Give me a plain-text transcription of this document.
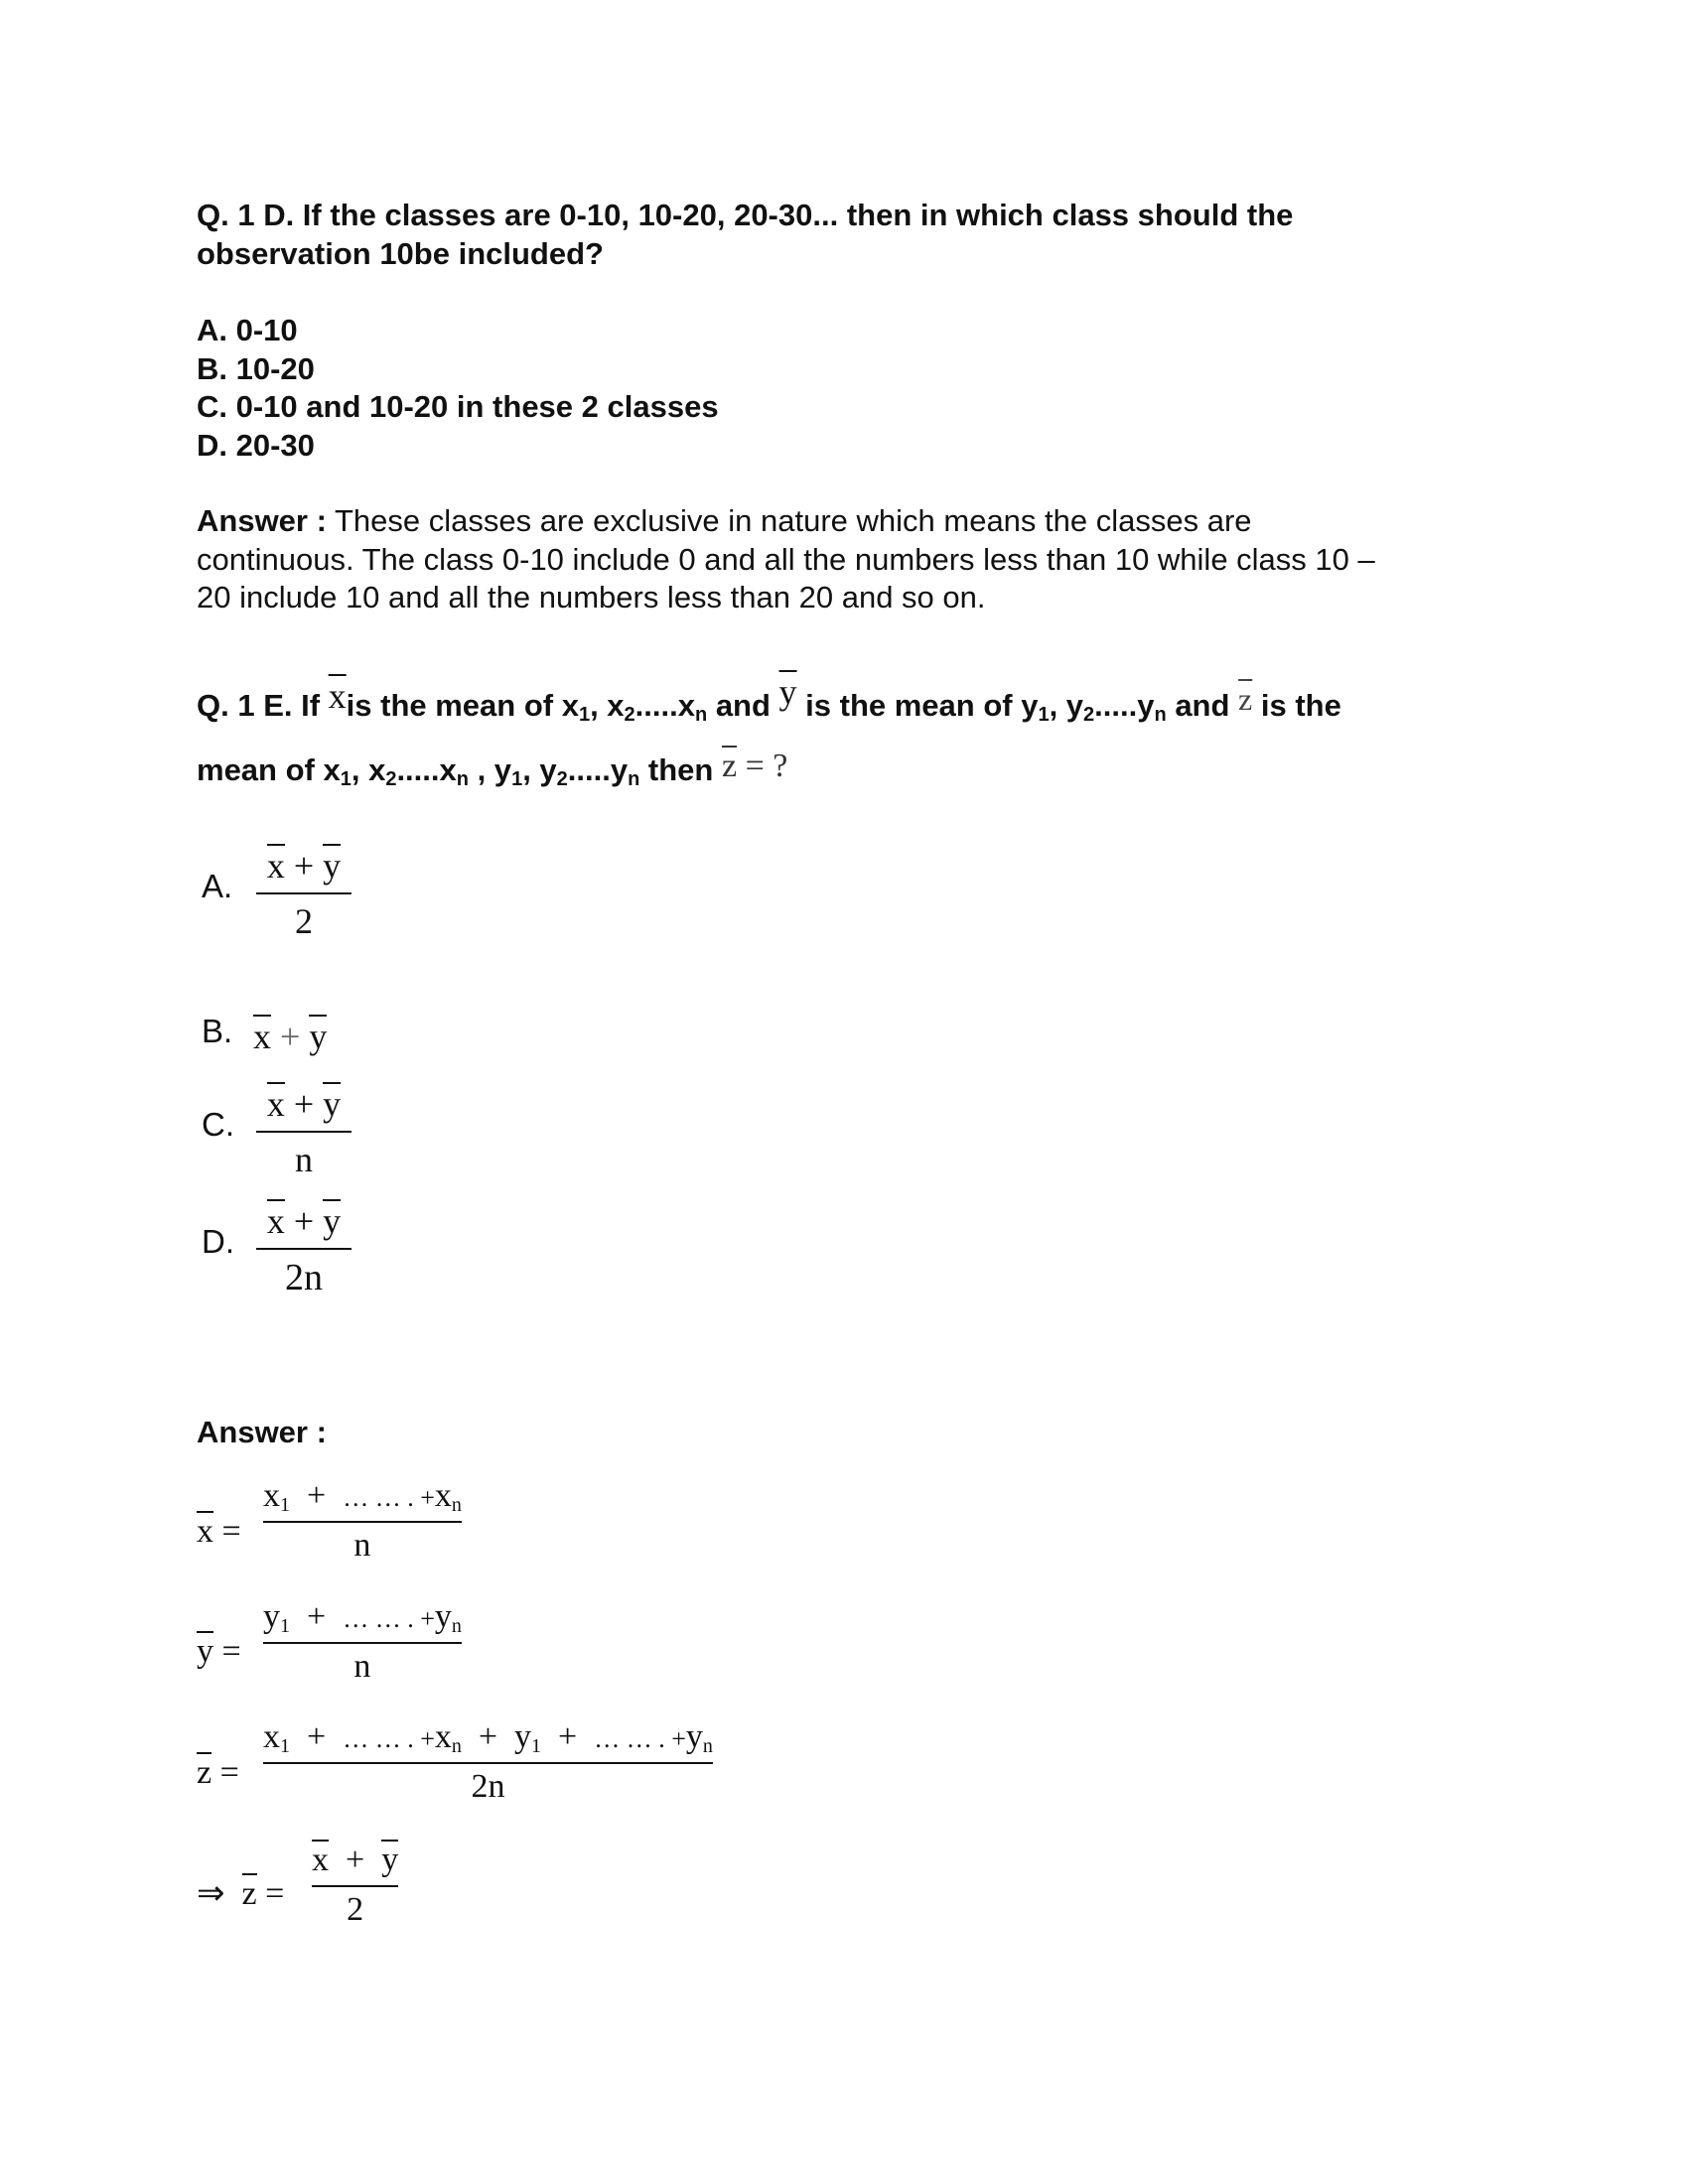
Q. 1 D. If the classes are 0-10, 10-20, 20-30... then in which class should the
observation 10be included?
A. 0-10
B. 10-20
C. 0-10 and 10-20 in these 2 classes
D. 20-30
Answer : These classes are exclusive in nature which means the classes are
continuous. The class 0-10 include 0 and all the numbers less than 10 while class 10 –
20 include 10 and all the numbers less than 20 and so on.
Q. 1 E. If $\overline{x}is$ the mean of $x_1$, $x_2.....x_n$ and $\overline{y}$ is the mean of $y_1$, $y_2.....y_n$ and $\overline{z}$ is the
mean of $x_1$, $x_2.....x_n$ , $y_1$, $y_2.....y_n$ then $\overline{z}$ = ?
A.
x + y
2
B. x + y
C.
x + y
n
D.
x + y
2n
Answer :
x =
$x_1$ + … … . $+x_n$
n
y =
$y_1$ + … … . $+y_n$
n
z =
$x_1$ + … … . $+x_n + y_1$ + … … . $+y_n$
2n
⇒ z =
x + y
2
